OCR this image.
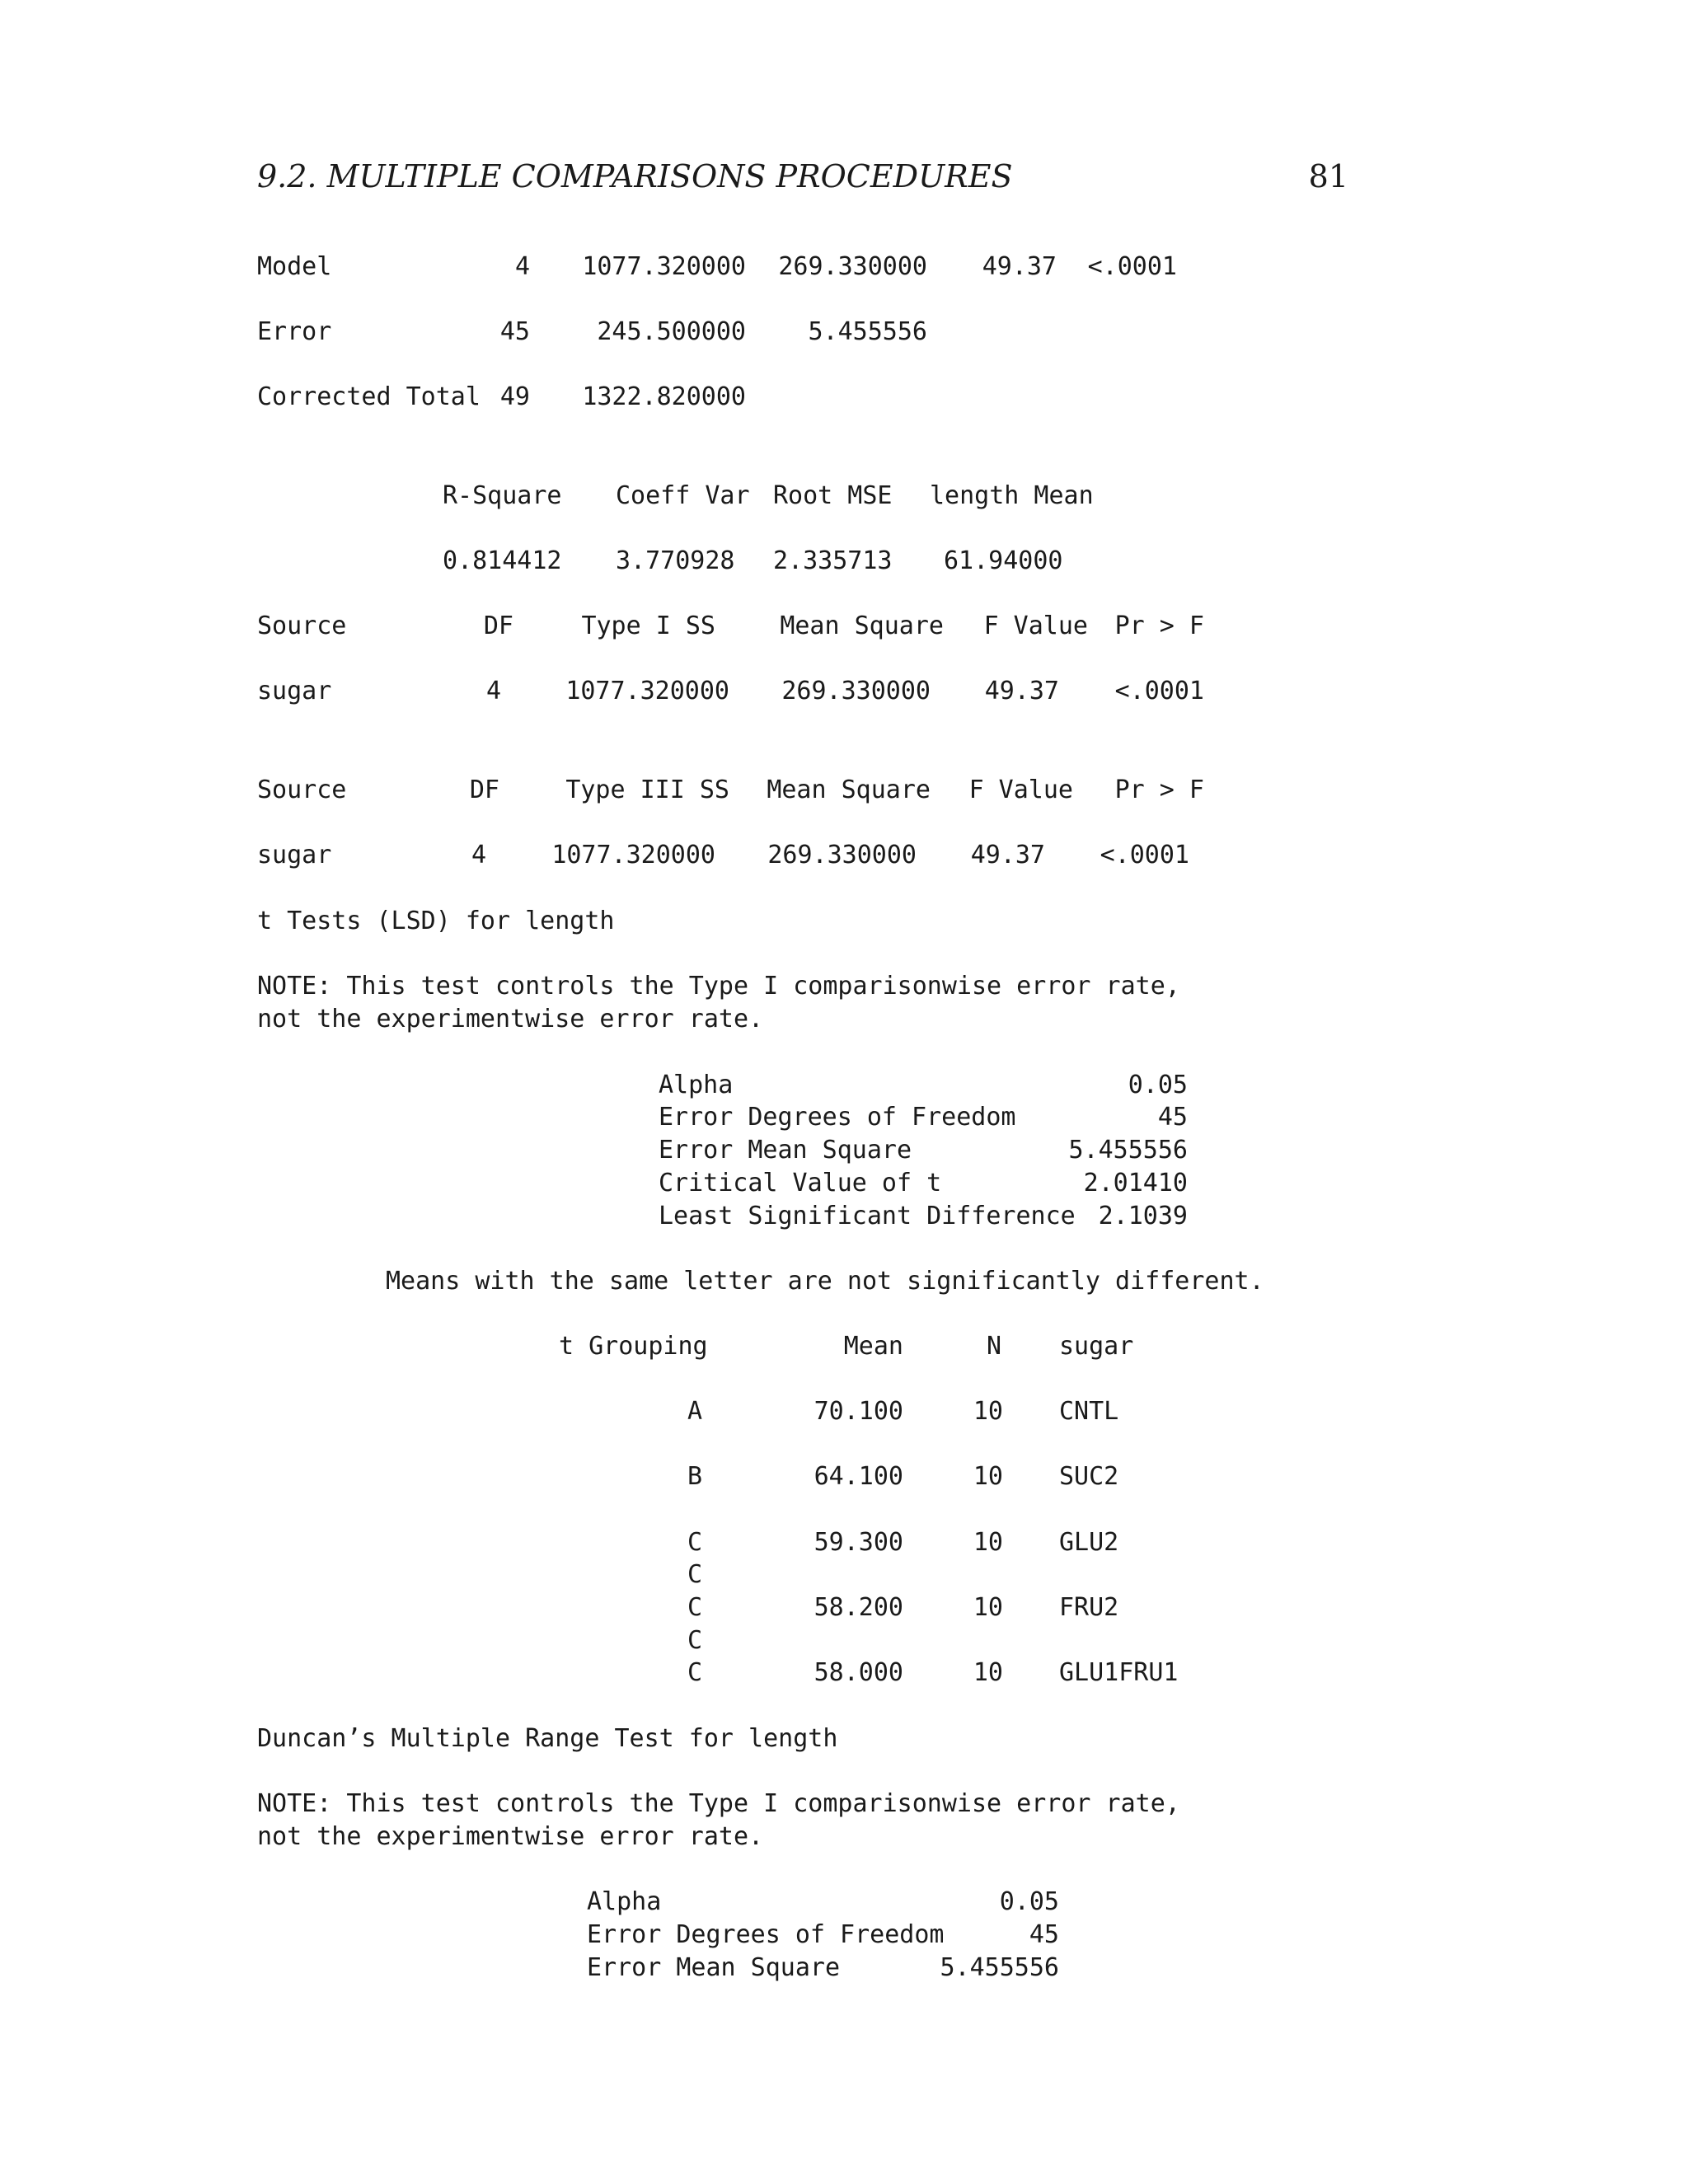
9.2. MULTIPLE COMPARISONS PROCEDURES	81
Model	4 1077.320000 269.330000 49.37 <.0001
Error	45	245.500000	5.455556
Corrected Total 49 1322.820000
R-Square Coeff Var Root MSE length Mean
0.814412 3.770928 2.335713 61.94000
Source	DF	Type I SS	Mean Square F Value Pr > F
sugar	4	1077.320000 269.330000 49.37 <.0001
Source	DF	Type III SS Mean Square F Value Pr > F
sugar	4	1077.320000 269.330000 49.37 <.0001
t Tests (LSD) for length
NOTE: This test controls the Type I comparisonwise error rate,
not the experimentwise error rate.
Alpha	0.05
Error Degrees of Freedom	45
Error Mean Square	5.455556
Critical Value of t	2.01410
Least Significant Difference 2.1039
Means with the same letter are not significantly different.
t Grouping	Mean	N sugar
A	70.100	10 CNTL
B	64.100	10 SUC2
C	59.300	10 GLU2
C
C	58.200	10 FRU2
C
C	58.000	10 GLU1FRU1
Duncan’s Multiple Range Test for length
NOTE: This test controls the Type I comparisonwise error rate,
not the experimentwise error rate.
Alpha	0.05
Error Degrees of Freedom	45
Error Mean Square	5.455556
